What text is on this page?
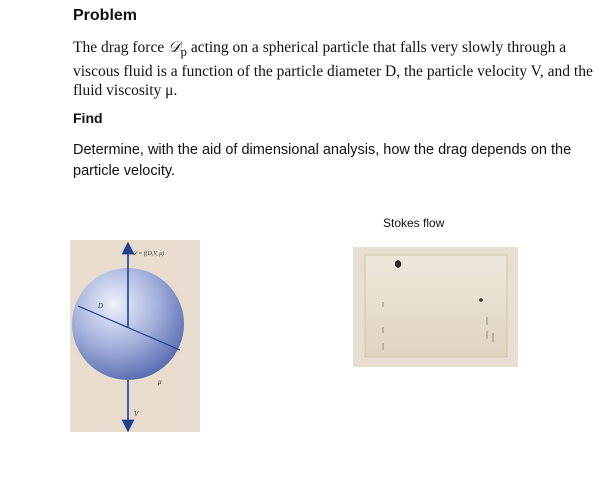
Problem

The drag force 𝒟$_p$ acting on a spherical particle that falls very slowly through a viscous fluid is a function of the particle diameter D, the particle velocity V, and the fluid viscosity μ.

Find

Determine, with the aid of dimensional analysis, how the drag depends on the particle velocity.

Stokes flow

𝒟 = f(D,V, μ)
D
μ
V
